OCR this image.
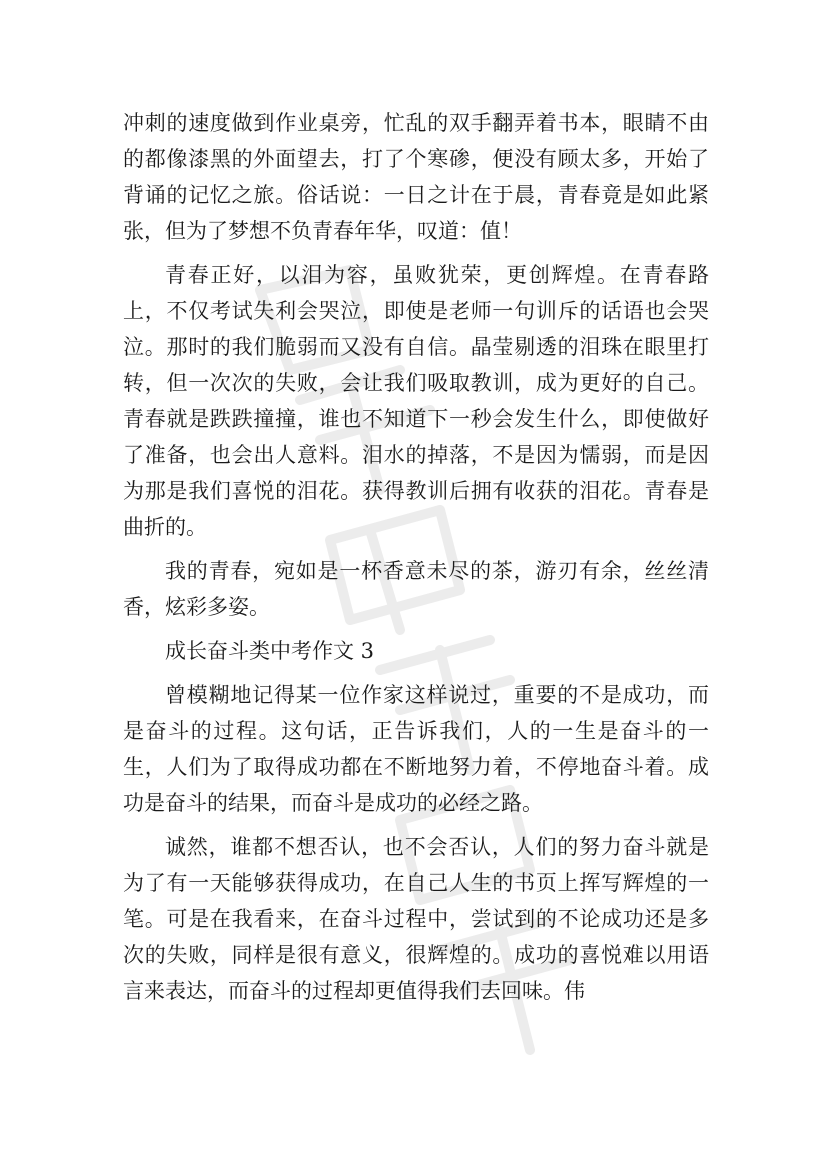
冲刺的速度做到作业桌旁，忙乱的双手翻弄着书本，眼睛不由的都像漆黑的外面望去，打了个寒碜，便没有顾太多，开始了背诵的记忆之旅。俗话说：一日之计在于晨，青春竟是如此紧张，但为了梦想不负青春年华，叹道：值！

青春正好，以泪为容，虽败犹荣，更创辉煌。在青春路上，不仅考试失利会哭泣，即使是老师一句训斥的话语也会哭泣。那时的我们脆弱而又没有自信。晶莹剔透的泪珠在眼里打转，但一次次的失败，会让我们吸取教训，成为更好的自己。青春就是跌跌撞撞，谁也不知道下一秒会发生什么，即使做好了准备，也会出人意料。泪水的掉落，不是因为懦弱，而是因为那是我们喜悦的泪花。获得教训后拥有收获的泪花。青春是曲折的。

我的青春，宛如是一杯香意未尽的茶，游刃有余，丝丝清香，炫彩多姿。

成长奋斗类中考作文 3

曾模糊地记得某一位作家这样说过，重要的不是成功，而是奋斗的过程。这句话，正告诉我们，人的一生是奋斗的一生，人们为了取得成功都在不断地努力着，不停地奋斗着。成功是奋斗的结果，而奋斗是成功的必经之路。

诚然，谁都不想否认，也不会否认，人们的努力奋斗就是为了有一天能够获得成功，在自己人生的书页上挥写辉煌的一笔。可是在我看来，在奋斗过程中，尝试到的不论成功还是多次的失败，同样是很有意义，很辉煌的。成功的喜悦难以用语言来表达，而奋斗的过程却更值得我们去回味。伟
